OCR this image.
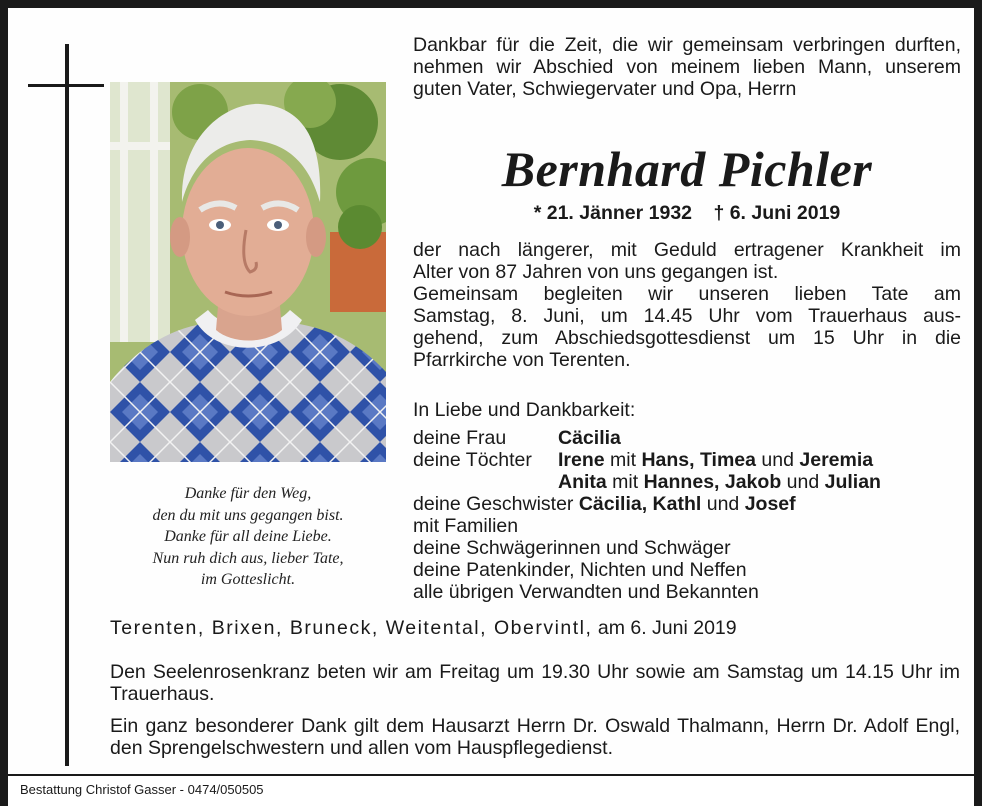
Danke für den Weg,
den du mit uns gegangen bist.
Danke für all deine Liebe.
Nun ruh dich aus, lieber Tate,
im Gotteslicht.
Dankbar für die Zeit, die wir gemeinsam verbringen durften, nehmen wir Abschied von meinem lieben Mann, unserem guten Vater, Schwiegervater und Opa, Herrn
Bernhard Pichler
* 21. Jänner 1932 † 6. Juni 2019
der nach längerer, mit Geduld ertragener Krankheit im
Alter von 87 Jahren von uns gegangen ist.
Gemeinsam begleiten wir unseren lieben Tate am
Samstag, 8. Juni, um 14.45 Uhr vom Trauerhaus aus-
gehend, zum Abschiedsgottesdienst um 15 Uhr in die
Pfarrkirche von Terenten.
In Liebe und Dankbarkeit:
deine Frau	Cäcilia
deine Töchter Irene mit Hans, Timea und Jeremia
Anita mit Hannes, Jakob und Julian
deine Geschwister Cäcilia, Kathl und Josef
mit Familien
deine Schwägerinnen und Schwäger
deine Patenkinder, Nichten und Neffen
alle übrigen Verwandten und Bekannten
Terenten, Brixen, Bruneck, Weitental, Obervintl, am 6. Juni 2019
Den Seelenrosenkranz beten wir am Freitag um 19.30 Uhr sowie am Samstag um 14.15 Uhr im Trauerhaus.
Ein ganz besonderer Dank gilt dem Hausarzt Herrn Dr. Oswald Thalmann, Herrn Dr. Adolf Engl, den Sprengelschwestern und allen vom Hauspflegedienst.
Bestattung Christof Gasser - 0474/050505
